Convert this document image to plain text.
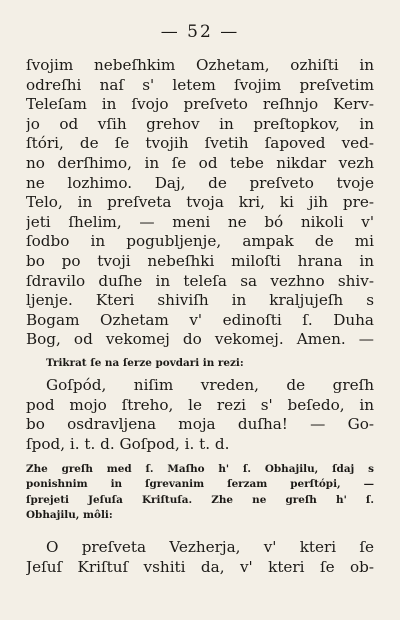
— 52 —
ſvojim nebeſhkim Ozhetam, ozhiſti in
odreſhi naſ s' letem ſvojim preſvetim
Teleſam in ſvojo preſveto reſhnjo Kerv-
jo od vſih grehov in preſtopkov, in
ſtóri, de ſe tvojih ſvetih ſapoved ved-
no derſhimo, in ſe od tebe nikdar vezh
ne lozhimo. Daj, de preſveto tvoje
Telo, in preſveta tvoja kri, ki jih pre-
jeti ſhelim, — meni ne bó nikoli v'
ſodbo in pogubljenje, ampak de mi
bo po tvoji nebeſhki miloſti hrana in
ſdravilo duſhe in teleſa sa vezhno shiv-
ljenje. Kteri shiviſh in kraljujeſh s
Bogam Ozhetam v' edinoſti ſ. Duha
Bog, od vekomej do vekomej. Amen. —
Trikrat ſe na ſerze povdari in rezi:
Goſpód, niſim vreden, de greſh
pod mojo ſtreho, le rezi s' beſedo, in
bo osdravljena moja duſha! — Go-
ſpod, i. t. d. Goſpod, i. t. d.
Zhe greſh med ſ. Maſho h' ſ. Obhajilu, ſdaj s
ponishnim in ſgrevanim ſerzam perſtópi, —
ſprejeti Jeſuſa Kriſtuſa. Zhe ne greſh h' ſ.
Obhajilu, môli:
O preſveta Vezherja, v' kteri ſe
Jeſuſ Kriſtuſ vshiti da, v' kteri ſe ob-
